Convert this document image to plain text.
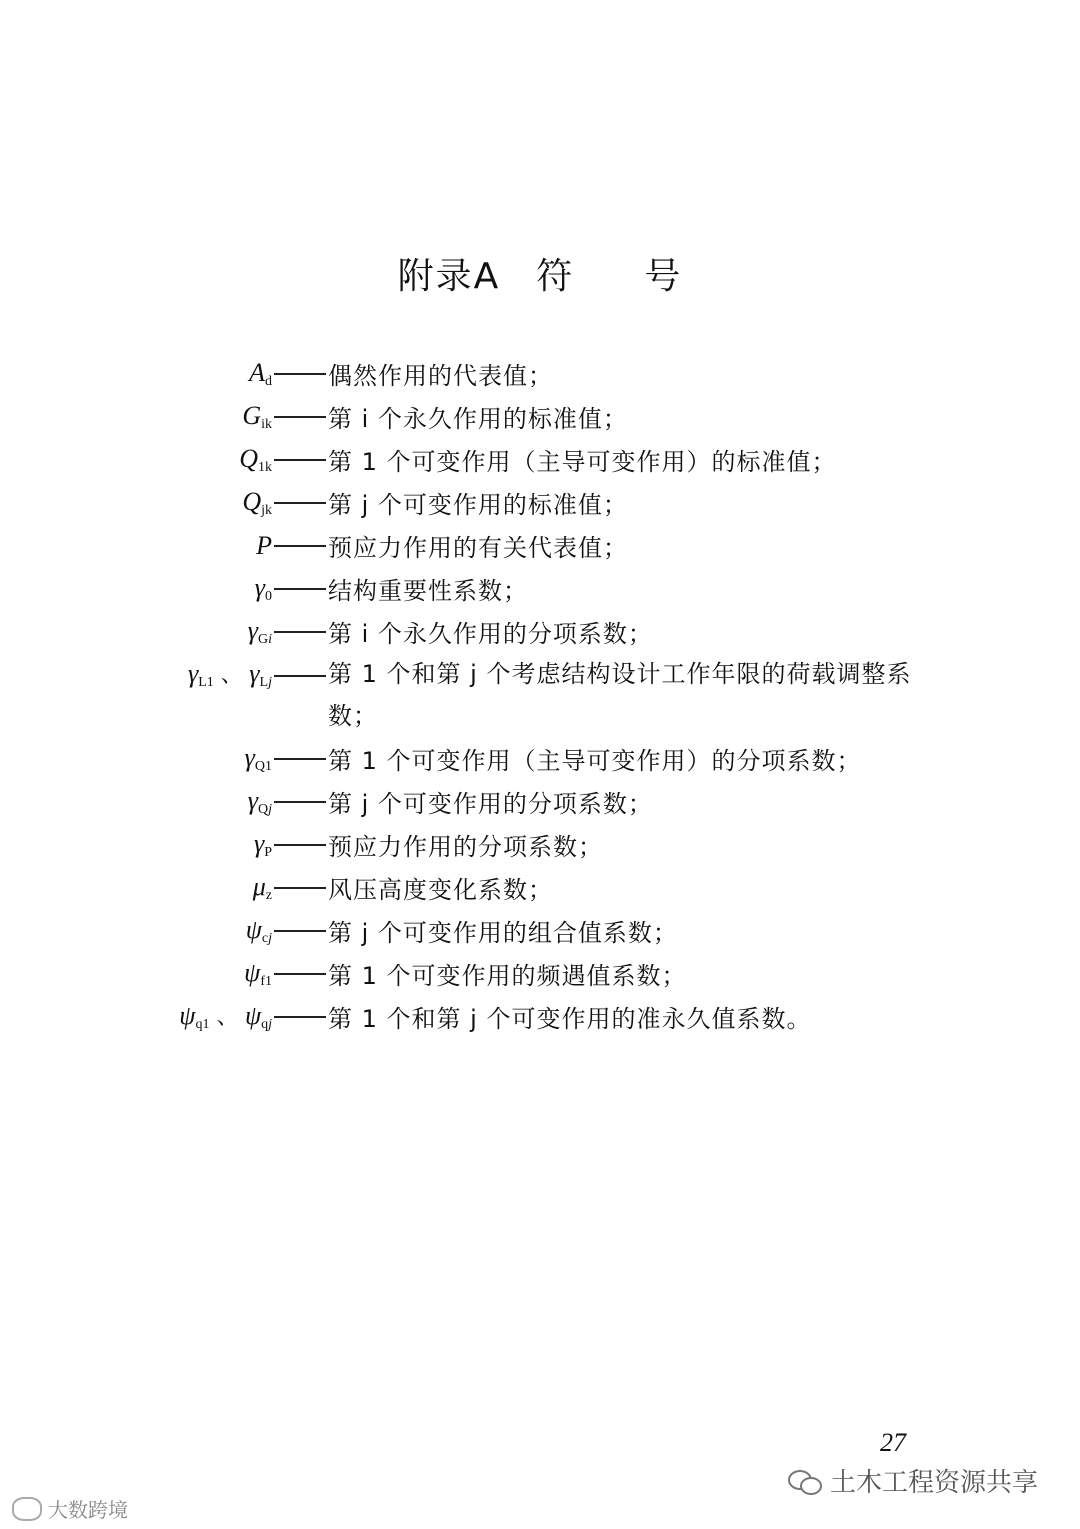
附录A 符 号
$A_d$ 偶然作用的代表值；
$G_{ik}$ 第 i 个永久作用的标准值；
$Q_{1k}$ 第 1 个可变作用（主导可变作用）的标准值；
$Q_{jk}$ 第 j 个可变作用的标准值；
P 预应力作用的有关代表值；
$\gamma_0$ 结构重要性系数；
$\gamma_{Gi}$ 第 i 个永久作用的分项系数；
$\gamma_{L1}$ 、 $\gamma_{Lj}$ 第 1 个和第 j 个考虑结构设计工作年限的荷载调整系数；
$\gamma_{Q1}$ 第 1 个可变作用（主导可变作用）的分项系数；
$\gamma_{Qj}$ 第 j 个可变作用的分项系数；
$\gamma_P$ 预应力作用的分项系数；
$\mu_z$ 风压高度变化系数；
$\psi_{cj}$ 第 j 个可变作用的组合值系数；
$\psi_{f1}$ 第 1 个可变作用的频遇值系数；
$\psi_{q1}$ 、 $\psi_{qj}$ 第 1 个和第 j 个可变作用的准永久值系数。
27
土木工程资源共享
大数跨境
